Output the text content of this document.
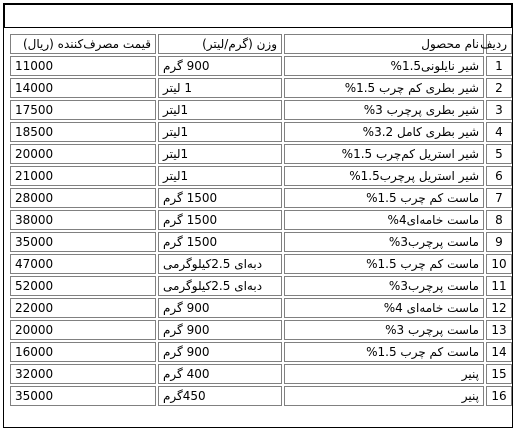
ردیف	نام محصول	وزن (گرم/لیتر)	قیمت مصرف‌کننده (ریال)
1	شیر نایلونی1.5%	900 گرم	11000
2	شیر بطری کم چرب 1.5%	1 لیتر	14000
3	شیر بطری پرچرب 3%	1لیتر	17500
4	شیر بطری کامل 3.2%	1لیتر	18500
5	شیر استریل کم‌چرب 1.5%	1لیتر	20000
6	شیر استریل پرچرب1.5%	1لیتر	21000
7	ماست کم چرب 1.5%	1500 گرم	28000
8	ماست خامه‌ای4%	1500 گرم	38000
9	ماست پرچرب3%	1500 گرم	35000
10	ماست کم چرب 1.5%	دبه‌ای 2.5کیلوگرمی	47000
11	ماست پرچرب3%	دبه‌ای 2.5کیلوگرمی	52000
12	ماست خامه‌ای 4%	900 گرم	22000
13	ماست پرچرب 3%	900 گرم	20000
14	ماست کم چرب 1.5%	900 گرم	16000
15	پنیر	400 گرم	32000
16	پنیر	450گرم	35000
